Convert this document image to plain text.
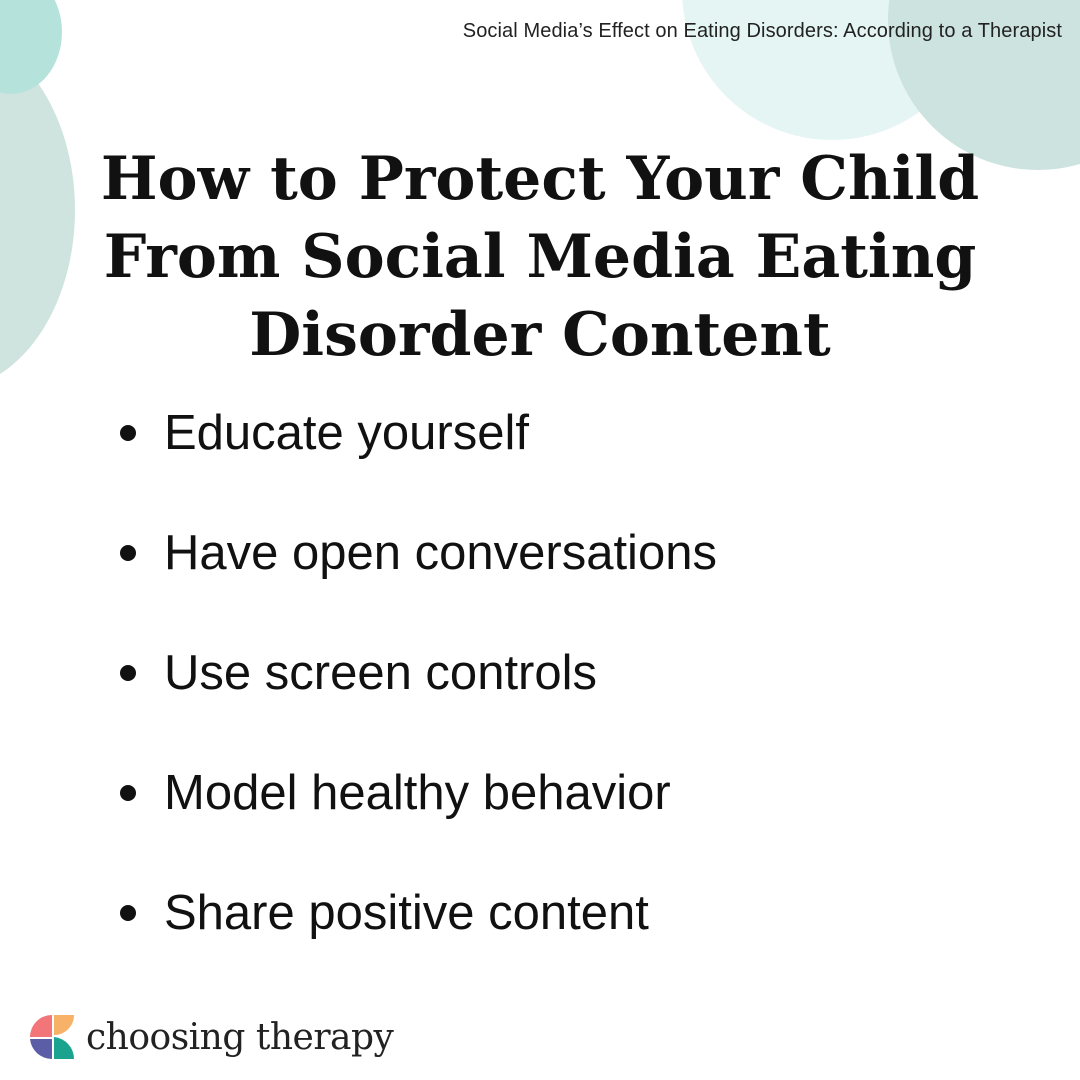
Social Media’s Effect on Eating Disorders: According to a Therapist
How to Protect Your Child
From Social Media Eating
Disorder Content
Educate yourself
Have open conversations
Use screen controls
Model healthy behavior
Share positive content
choosing therapy
